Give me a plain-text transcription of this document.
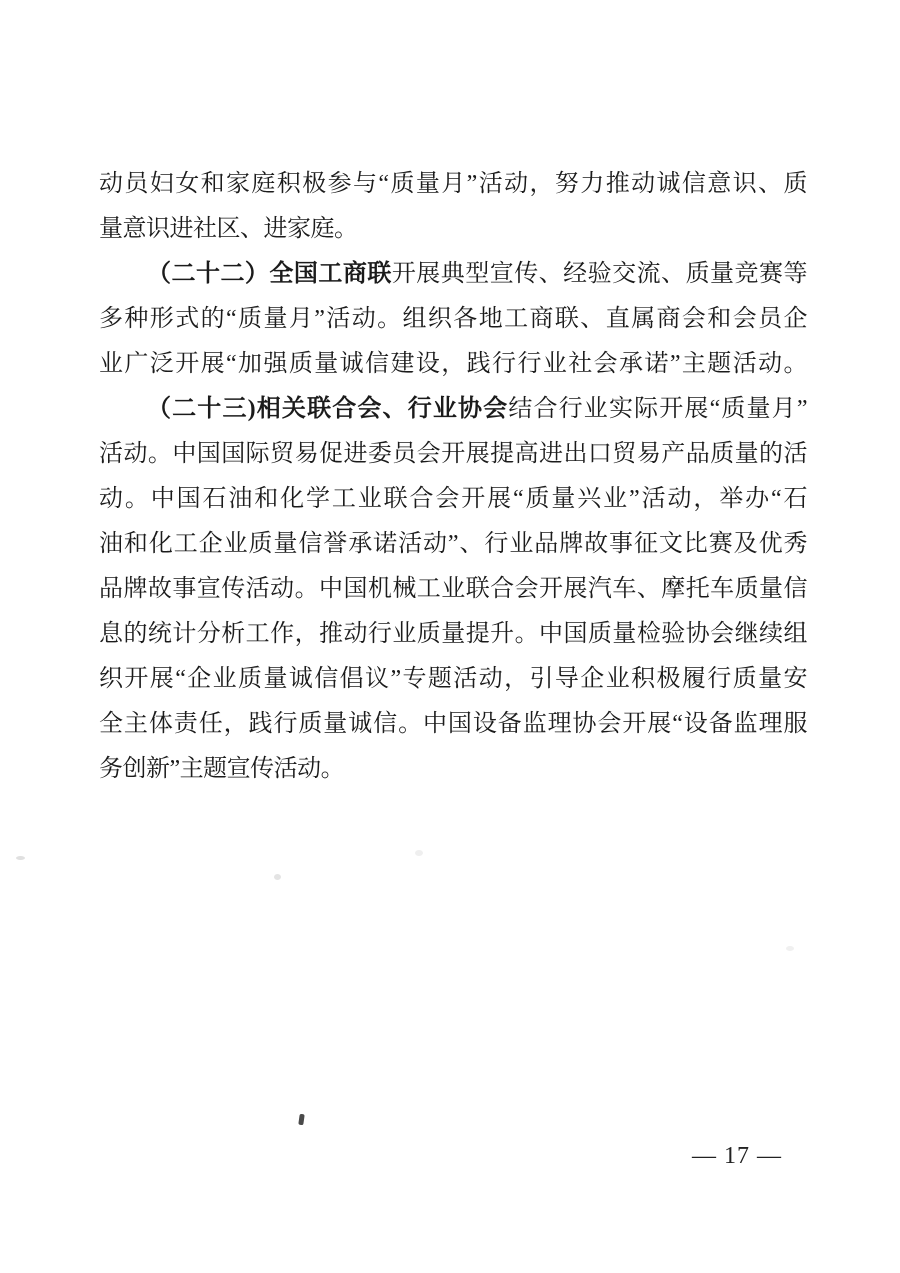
动员妇女和家庭积极参与“质量月”活动，努力推动诚信意识、质
量意识进社区、进家庭。
（二十二）全国工商联开展典型宣传、经验交流、质量竞赛等
多种形式的“质量月”活动。组织各地工商联、直属商会和会员企
业广泛开展“加强质量诚信建设，践行行业社会承诺”主题活动。
（二十三)相关联合会、行业协会结合行业实际开展“质量月”
活动。中国国际贸易促进委员会开展提高进出口贸易产品质量的活
动。中国石油和化学工业联合会开展“质量兴业”活动，举办“石
油和化工企业质量信誉承诺活动”、行业品牌故事征文比赛及优秀
品牌故事宣传活动。中国机械工业联合会开展汽车、摩托车质量信
息的统计分析工作，推动行业质量提升。中国质量检验协会继续组
织开展“企业质量诚信倡议”专题活动，引导企业积极履行质量安
全主体责任，践行质量诚信。中国设备监理协会开展“设备监理服
务创新”主题宣传活动。
— 17 —
